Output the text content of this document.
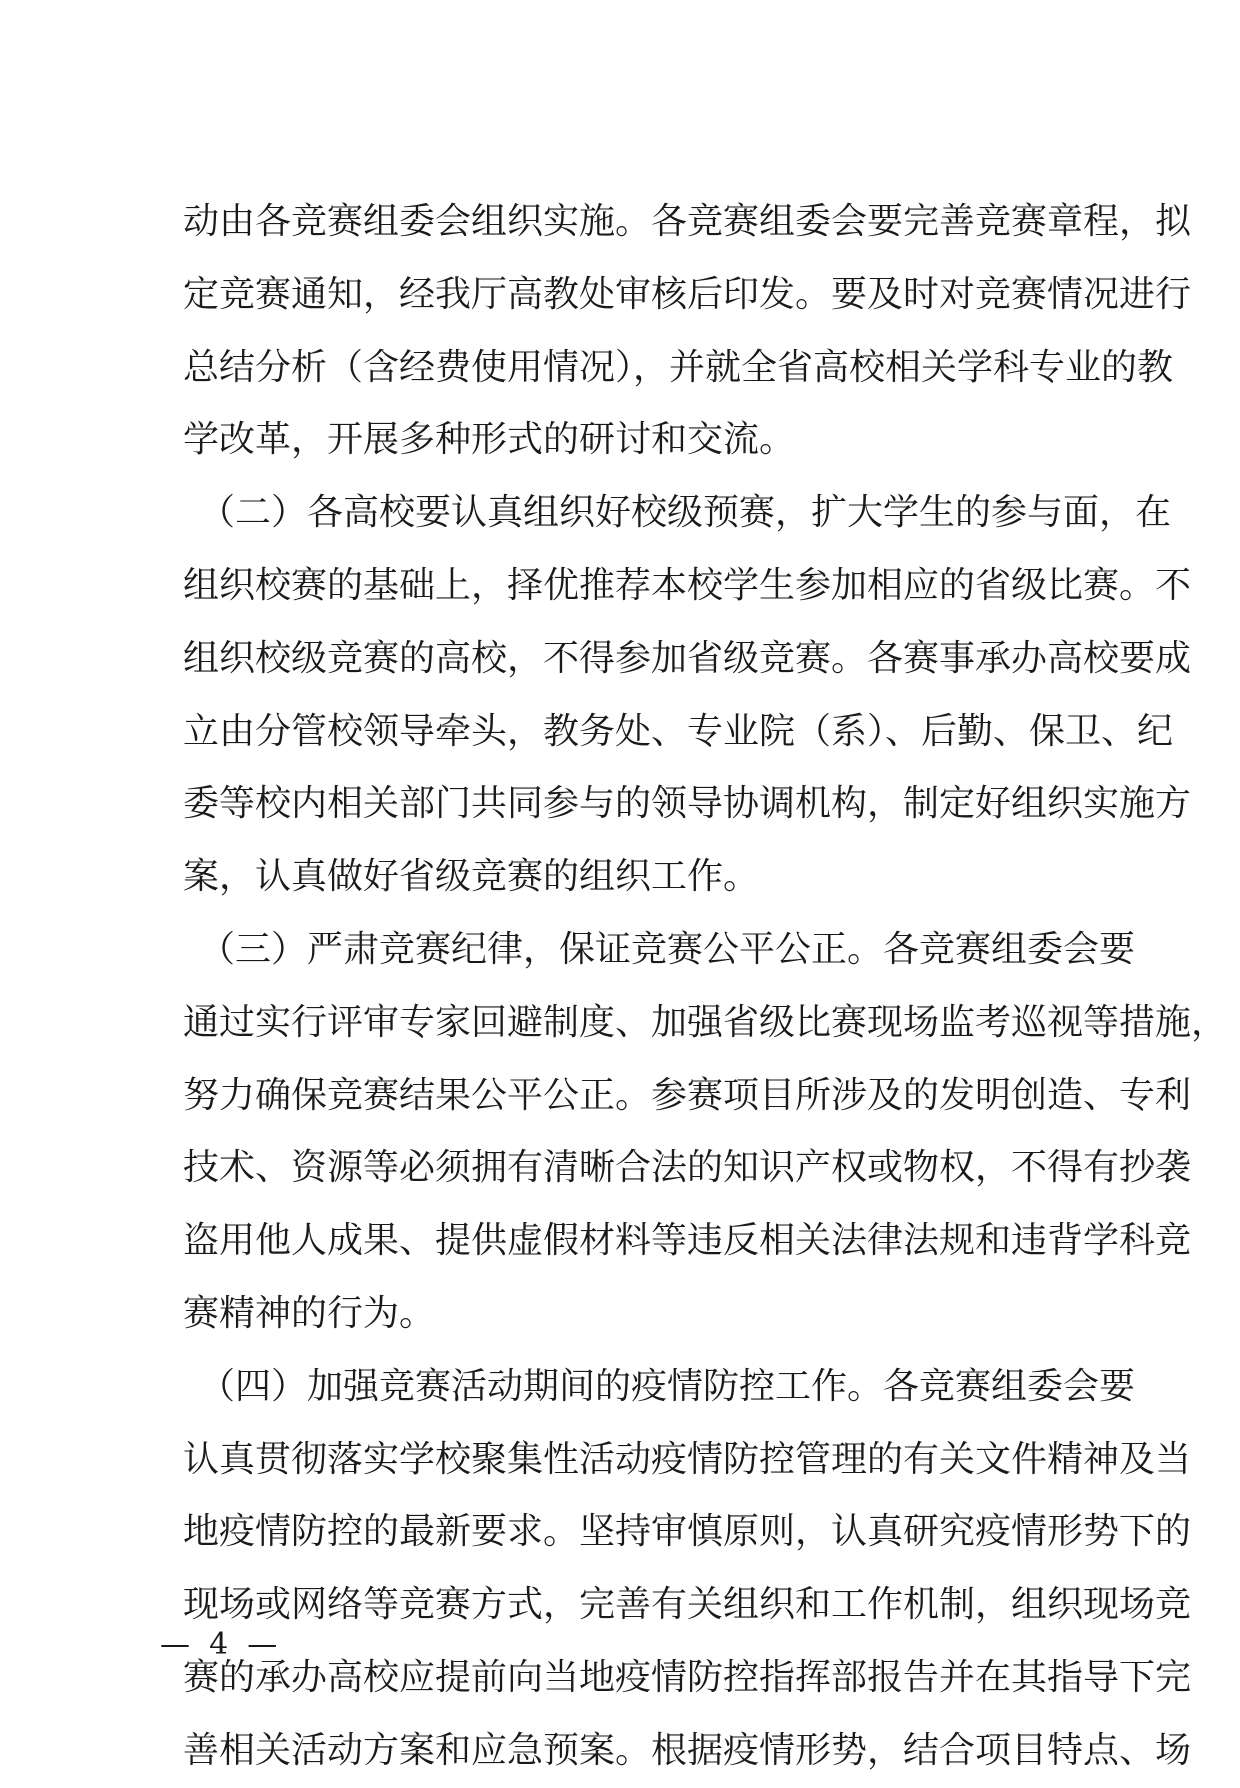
动由各竞赛组委会组织实施。各竞赛组委会要完善竞赛章程，拟
定竞赛通知，经我厅高教处审核后印发。要及时对竞赛情况进行
总结分析（含经费使用情况），并就全省高校相关学科专业的教
学改革，开展多种形式的研讨和交流。
（二）各高校要认真组织好校级预赛，扩大学生的参与面，在
组织校赛的基础上，择优推荐本校学生参加相应的省级比赛。不
组织校级竞赛的高校，不得参加省级竞赛。各赛事承办高校要成
立由分管校领导牵头，教务处、专业院（系）、后勤、保卫、纪
委等校内相关部门共同参与的领导协调机构，制定好组织实施方
案，认真做好省级竞赛的组织工作。
（三）严肃竞赛纪律，保证竞赛公平公正。各竞赛组委会要
通过实行评审专家回避制度、加强省级比赛现场监考巡视等措施，
努力确保竞赛结果公平公正。参赛项目所涉及的发明创造、专利
技术、资源等必须拥有清晰合法的知识产权或物权，不得有抄袭
盗用他人成果、提供虚假材料等违反相关法律法规和违背学科竞
赛精神的行为。
（四）加强竞赛活动期间的疫情防控工作。各竞赛组委会要
认真贯彻落实学校聚集性活动疫情防控管理的有关文件精神及当
地疫情防控的最新要求。坚持审慎原则，认真研究疫情形势下的
现场或网络等竞赛方式，完善有关组织和工作机制，组织现场竞
赛的承办高校应提前向当地疫情防控指挥部报告并在其指导下完
善相关活动方案和应急预案。根据疫情形势，结合项目特点、场
—  4  —
